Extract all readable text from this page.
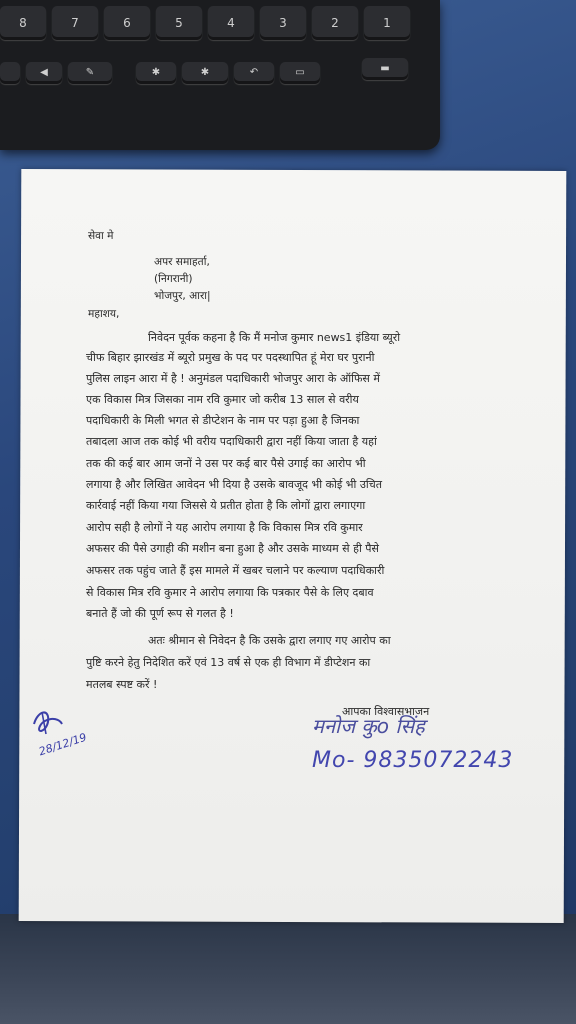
8	7	6	5	4	3	2	1
◀	✎	✱	✱	↶	▭	▬
सेवा मे
अपर समाहर्ता,
(निगरानी)
भोजपुर, आरा|
महाशय,
निवेदन पूर्वक कहना है कि मैं मनोज कुमार news1 इंडिया ब्यूरो
चीफ बिहार झारखंड में ब्यूरो प्रमुख के पद पर पदस्थापित हूं मेरा घर पुरानी
पुलिस लाइन आरा में है ! अनुमंडल पदाधिकारी भोजपुर आरा के ऑफिस में
एक विकास मित्र जिसका नाम रवि कुमार जो करीब 13 साल से वरीय
पदाधिकारी के मिली भगत से डीप्टेशन के नाम पर पड़ा हुआ है जिनका
तबादला आज तक कोई भी वरीय पदाधिकारी द्वारा नहीं किया जाता है यहां
तक की कई बार आम जनों ने उस पर कई बार पैसे उगाई का आरोप भी
लगाया है और लिखित आवेदन भी दिया है उसके बावजूद भी कोई भी उचित
कार्रवाई नहीं किया गया जिससे ये प्रतीत होता है कि लोगों द्वारा लगाएगा
आरोप सही है लोगों ने यह आरोप लगाया है कि विकास मित्र रवि कुमार
अफसर की पैसे उगाही की मशीन बना हुआ है और उसके माध्यम से ही पैसे
अफसर तक पहुंच जाते हैं इस मामले में खबर चलाने पर कल्याण पदाधिकारी
से विकास मित्र रवि कुमार ने आरोप लगाया कि पत्रकार पैसे के लिए दबाव
बनाते हैं जो की पूर्ण रूप से गलत है !
अतः श्रीमान से निवेदन है कि उसके द्वारा लगाए गए आरोप का
पुष्टि करने हेतु निदेशित करें एवं 13 वर्ष से एक ही विभाग में डीप्टेशन का
मतलब स्पष्ट करें !
आपका विश्वासभाजन
मनोज कुo सिंह
Mo- 9835072243
28/12/19
